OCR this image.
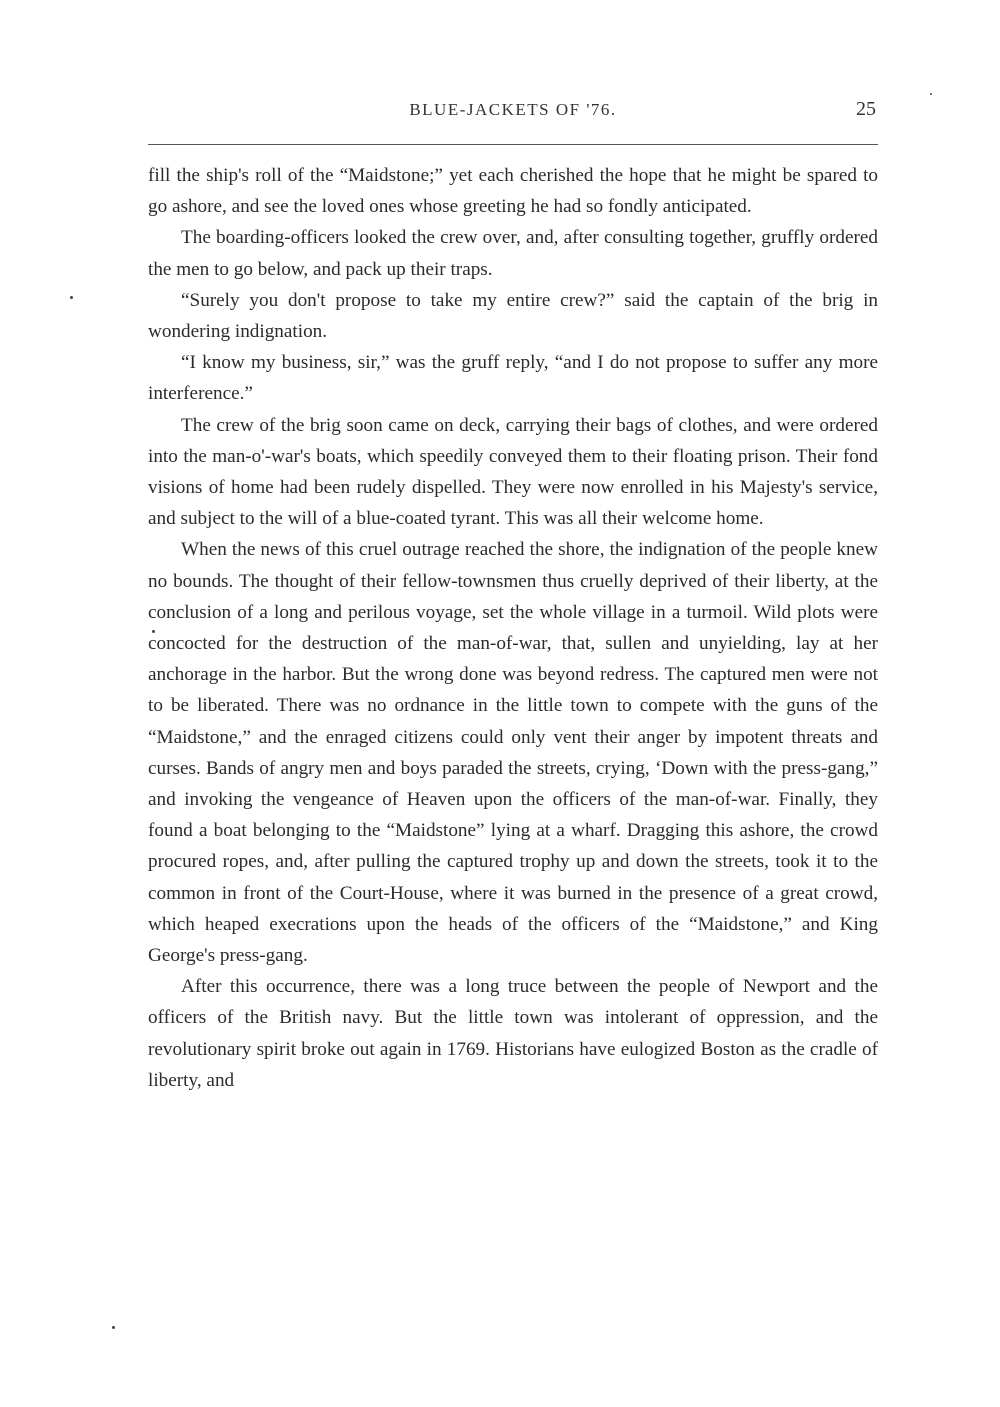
BLUE-JACKETS OF '76.	25

fill the ship's roll of the “Maidstone;” yet each cherished the hope that he might be spared to go ashore, and see the loved ones whose greeting he had so fondly anticipated.

The boarding-officers looked the crew over, and, after consulting together, gruffly ordered the men to go below, and pack up their traps.

“Surely you don't propose to take my entire crew?” said the captain of the brig in wondering indignation.

“I know my business, sir,” was the gruff reply, “and I do not propose to suffer any more interference.”

The crew of the brig soon came on deck, carrying their bags of clothes, and were ordered into the man-o'-war's boats, which speedily conveyed them to their floating prison. Their fond visions of home had been rudely dispelled. They were now enrolled in his Majesty's service, and subject to the will of a blue-coated tyrant. This was all their welcome home.

When the news of this cruel outrage reached the shore, the indignation of the people knew no bounds. The thought of their fellow-townsmen thus cruelly deprived of their liberty, at the conclusion of a long and perilous voyage, set the whole village in a turmoil. Wild plots were concocted for the destruction of the man-of-war, that, sullen and unyielding, lay at her anchorage in the harbor. But the wrong done was beyond redress. The captured men were not to be liberated. There was no ordnance in the little town to compete with the guns of the “Maidstone,” and the enraged citizens could only vent their anger by impotent threats and curses. Bands of angry men and boys paraded the streets, crying, ‘Down with the press-gang,” and invoking the vengeance of Heaven upon the officers of the man-of-war. Finally, they found a boat belonging to the “Maidstone” lying at a wharf. Dragging this ashore, the crowd procured ropes, and, after pulling the captured trophy up and down the streets, took it to the common in front of the Court-House, where it was burned in the presence of a great crowd, which heaped execrations upon the heads of the officers of the “Maidstone,” and King George's press-gang.

After this occurrence, there was a long truce between the people of Newport and the officers of the British navy. But the little town was intolerant of oppression, and the revolutionary spirit broke out again in 1769. Historians have eulogized Boston as the cradle of liberty, and
